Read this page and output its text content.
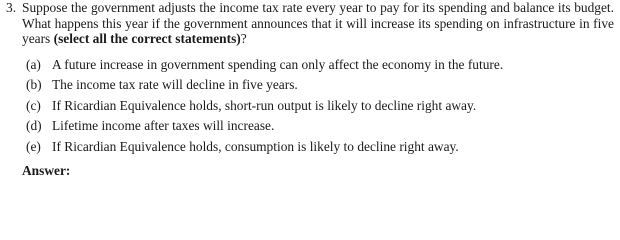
3. Suppose the government adjusts the income tax rate every year to pay for its spending and balance its budget. What happens this year if the government announces that it will increase its spending on infrastructure in five years (select all the correct statements)?
(a) A future increase in government spending can only affect the economy in the future.
(b) The income tax rate will decline in five years.
(c) If Ricardian Equivalence holds, short-run output is likely to decline right away.
(d) Lifetime income after taxes will increase.
(e) If Ricardian Equivalence holds, consumption is likely to decline right away.
Answer:
